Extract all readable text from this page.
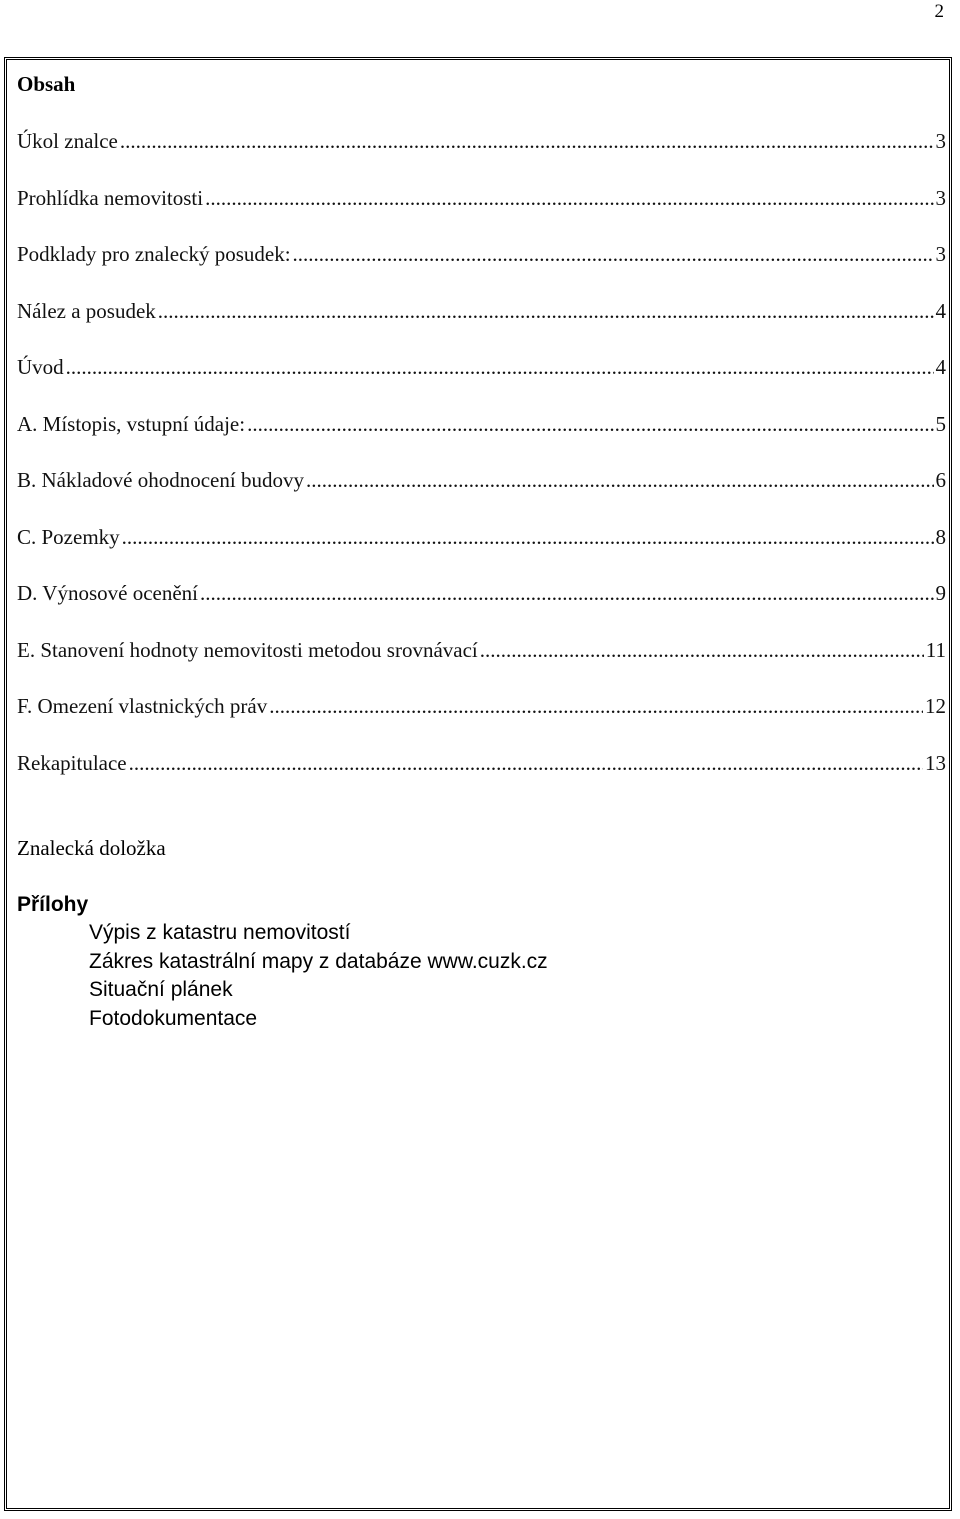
2
Obsah
Úkol znalce .....	3
Prohlídka nemovitosti .....	3
Podklady pro znalecký posudek: .....	3
Nález a posudek .....	4
Úvod .....	4
A. Místopis, vstupní údaje: .....	5
B. Nákladové ohodnocení budovy .....	6
C. Pozemky .....	8
D. Výnosové ocenění .....	9
E. Stanovení hodnoty nemovitosti metodou srovnávací .....	11
F. Omezení vlastnických práv .....	12
Rekapitulace .....	13
Znalecká doložka
Přílohy
Výpis z katastru nemovitostí
Zákres katastrální mapy z databáze www.cuzk.cz
Situační plánek
Fotodokumentace
